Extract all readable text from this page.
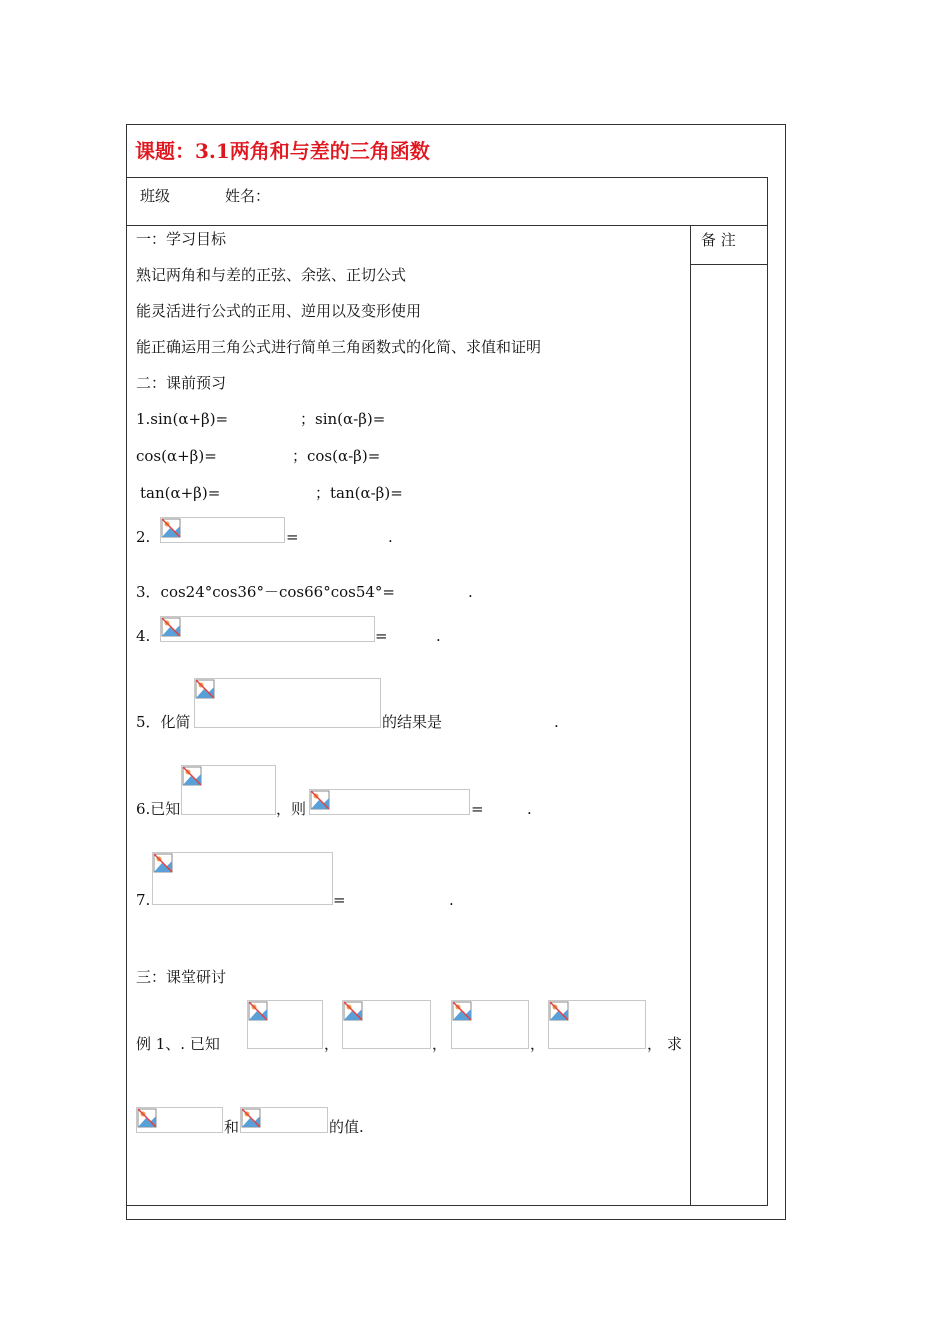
课题：3.1两角和与差的三角函数
班级	姓名：
备 注
一：学习目标
熟记两角和与差的正弦、余弦、正切公式
能灵活进行公式的正用、逆用以及变形使用
能正确运用三角公式进行简单三角函数式的化简、求值和证明
二：课前预习
1.sin(α+β)=	；sin(α-β)=
cos(α+β)=	；cos(α-β)=
tan(α+β)=	；tan(α-β)=
2.	=	.
3．cos24°cos36°－cos66°cos54°=	.
4.	=	.
5．化简	的结果是	.
6.已知	，则	=	.
7.	=	.
三：课堂研讨
例 1、. 已知	，	，	，	， 求
和	的值.
